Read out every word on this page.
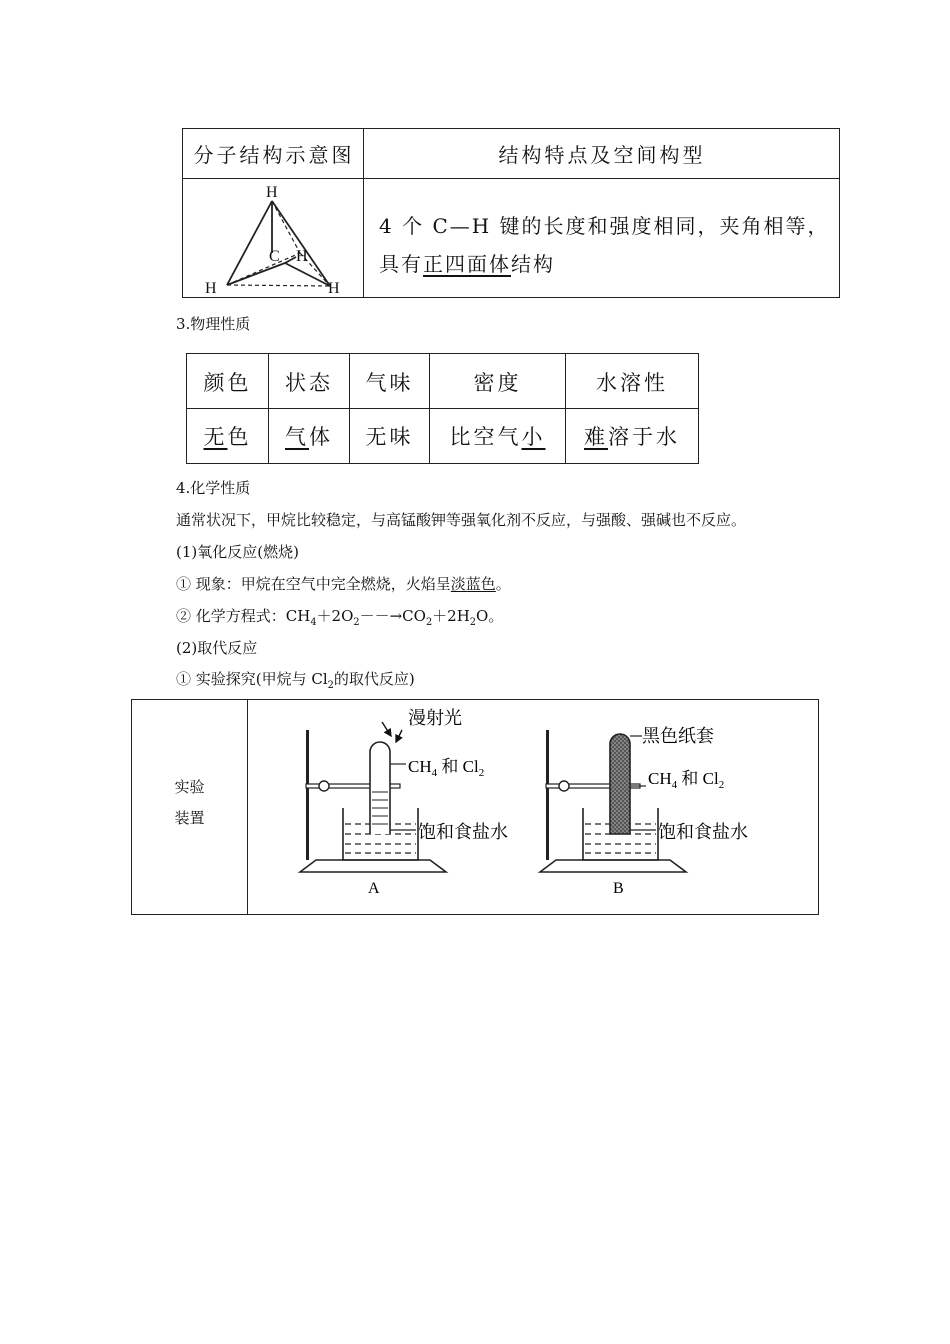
分子结构示意图	结构特点及空间构型
H
C H
H	H
4 个 C—H 键的长度和强度相同，夹角相等，
具有正四面体结构
3.物理性质
颜色	状态	气味	密度	水溶性
无色	气体	无味	比空气小	难溶于水
4.化学性质
通常状况下，甲烷比较稳定，与高锰酸钾等强氧化剂不反应，与强酸、强碱也不反应。
(1)氧化反应(燃烧)
① 现象：甲烷在空气中完全燃烧，火焰呈淡蓝色。
② 化学方程式：$CH_4+2O_2--\to CO_2+2H_2O$。
(2)取代反应
① 实验探究(甲烷与 $Cl_2$的取代反应)
实验
装置
漫射光
$CH_4$ 和 $Cl_2$
饱和食盐水
A
黑色纸套
$CH_4$ 和 $Cl_2$
饱和食盐水
B
